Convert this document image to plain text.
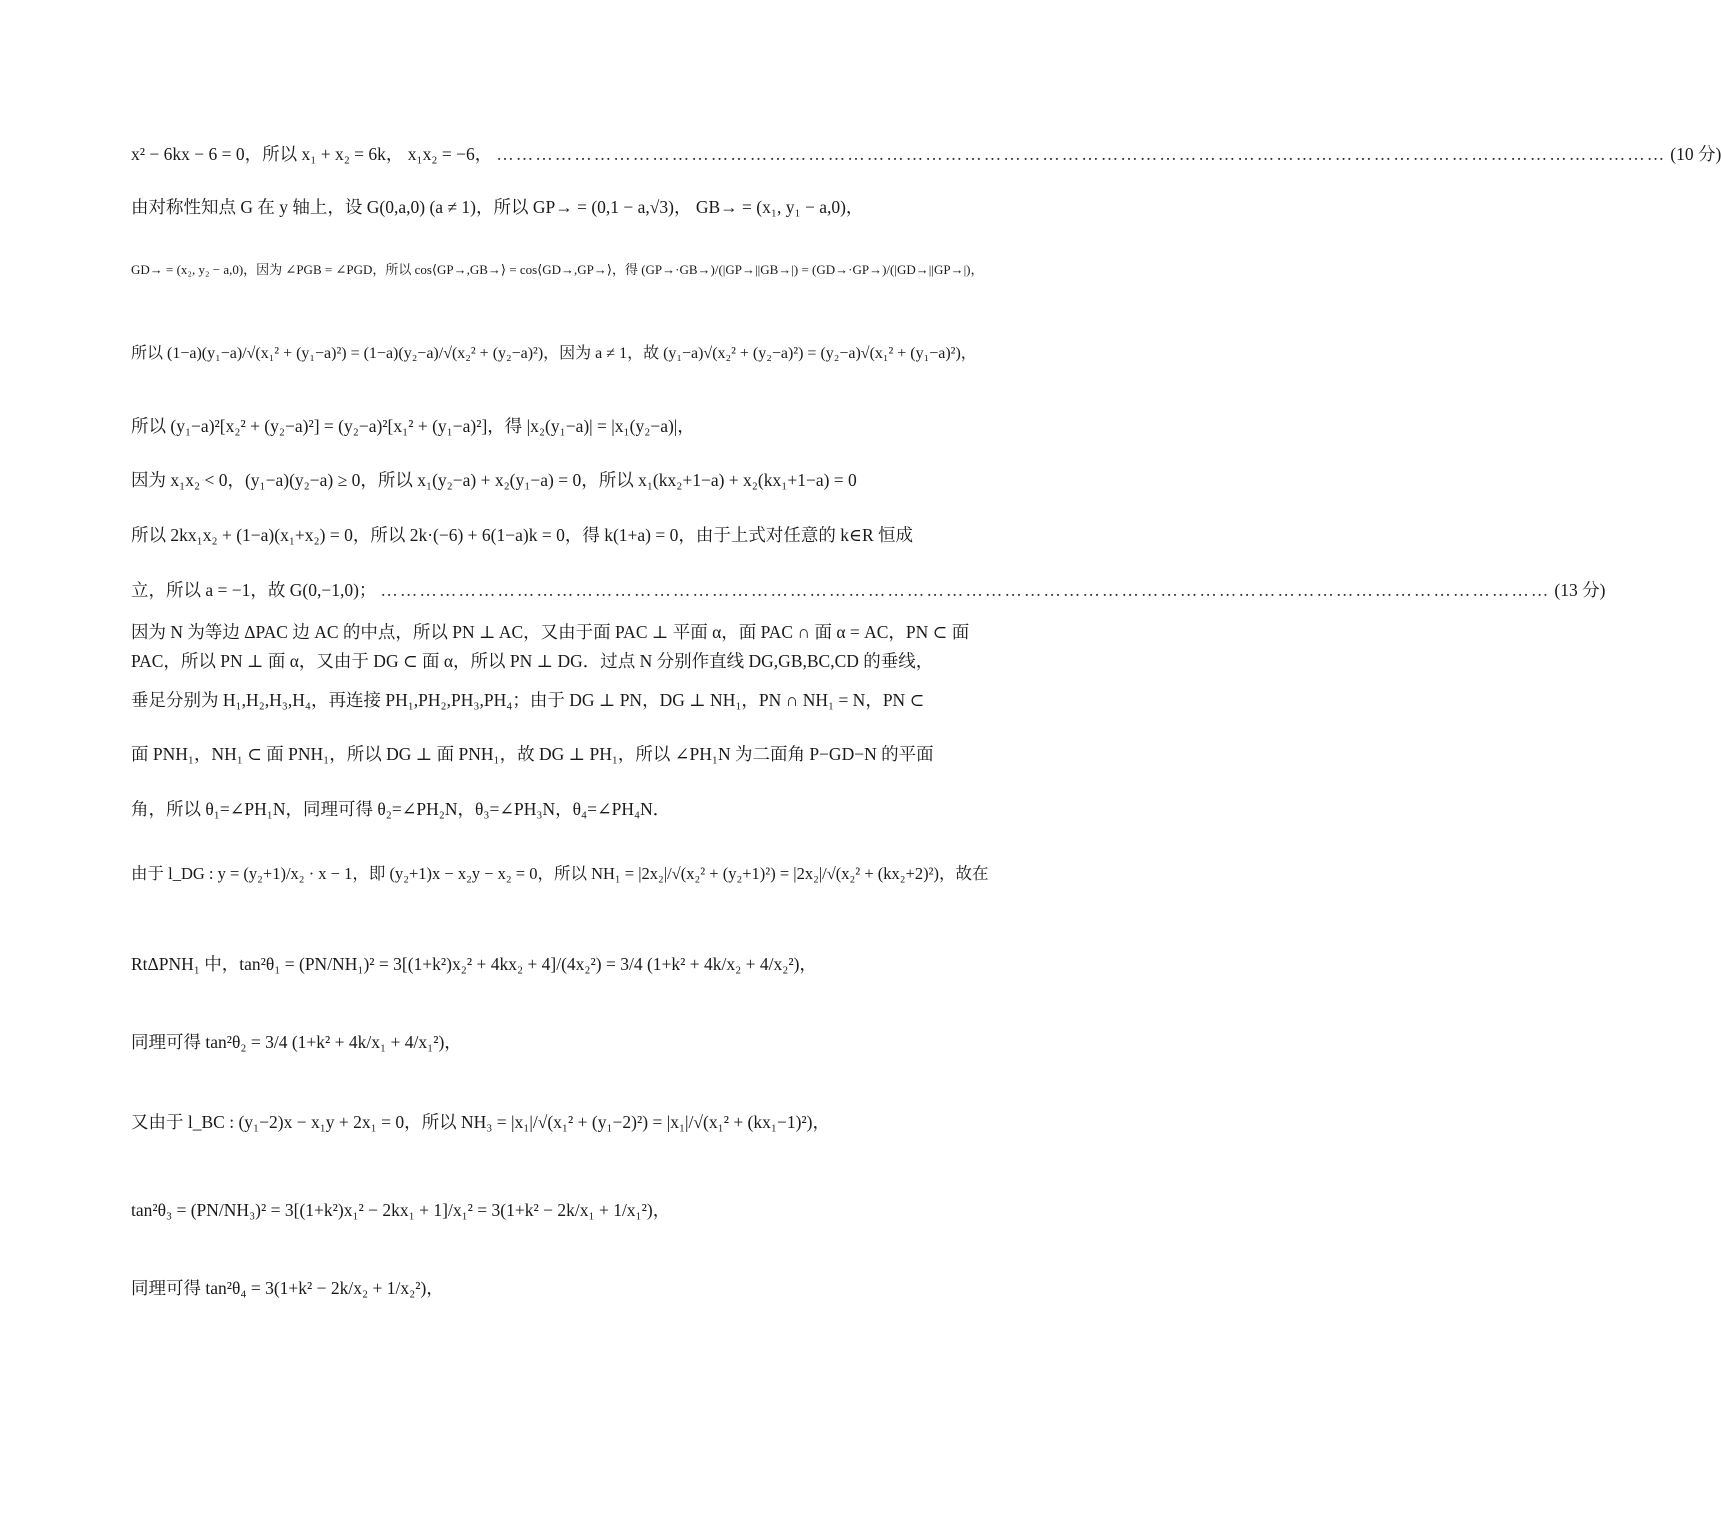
x² − 6kx − 6 = 0，所以 x₁ + x₂ = 6k， x₁x₂ = −6， ……………………………………………………………………………………………………………………………………………………………… (10 分)
由对称性知点 G 在 y 轴上，设 G(0,a,0) (a ≠ 1)，所以 GP→ = (0,1 − a,√3)， GB→ = (x₁, y₁ − a,0)，
GD→ = (x₂, y₂ − a,0)，因为 ∠PGB = ∠PGD，所以 cos⟨GP→,GB→⟩ = cos⟨GD→,GP→⟩，得 (GP→·GB→)/(|GP→||GB→|) = (GD→·GP→)/(|GD→||GP→|)，
所以 (1−a)(y₁−a)/√(x₁² + (y₁−a)²) = (1−a)(y₂−a)/√(x₂² + (y₂−a)²)，因为 a ≠ 1，故 (y₁−a)√(x₂² + (y₂−a)²) = (y₂−a)√(x₁² + (y₁−a)²)，
所以 (y₁−a)²[x₂² + (y₂−a)²] = (y₂−a)²[x₁² + (y₁−a)²]，得 |x₂(y₁−a)| = |x₁(y₂−a)|，
因为 x₁x₂ < 0，(y₁−a)(y₂−a) ≥ 0，所以 x₁(y₂−a) + x₂(y₁−a) = 0，所以 x₁(kx₂+1−a) + x₂(kx₁+1−a) = 0
所以 2kx₁x₂ + (1−a)(x₁+x₂) = 0，所以 2k·(−6) + 6(1−a)k = 0，得 k(1+a) = 0，由于上式对任意的 k∈R 恒成
立，所以 a = −1，故 G(0,−1,0)； ……………………………………………………………………………………………………………………………………………………………… (13 分)
因为 N 为等边 ΔPAC 边 AC 的中点，所以 PN ⊥ AC，又由于面 PAC ⊥ 平面 α，面 PAC ∩ 面 α = AC，PN ⊂ 面 PAC，所以 PN ⊥ 面 α，又由于 DG ⊂ 面 α，所以 PN ⊥ DG．过点 N 分别作直线 DG,GB,BC,CD 的垂线，
垂足分别为 H₁,H₂,H₃,H₄，再连接 PH₁,PH₂,PH₃,PH₄；由于 DG ⊥ PN，DG ⊥ NH₁，PN ∩ NH₁ = N，PN ⊂
面 PNH₁，NH₁ ⊂ 面 PNH₁，所以 DG ⊥ 面 PNH₁，故 DG ⊥ PH₁，所以 ∠PH₁N 为二面角 P−GD−N 的平面
角，所以 θ₁=∠PH₁N，同理可得 θ₂=∠PH₂N，θ₃=∠PH₃N，θ₄=∠PH₄N．
由于 l_DG : y = (y₂+1)/x₂ · x − 1，即 (y₂+1)x − x₂y − x₂ = 0，所以 NH₁ = |2x₂|/√(x₂² + (y₂+1)²) = |2x₂|/√(x₂² + (kx₂+2)²)，故在
RtΔPNH₁ 中，tan²θ₁ = (PN/NH₁)² = 3[(1+k²)x₂² + 4kx₂ + 4]/(4x₂²) = 3/4 (1+k² + 4k/x₂ + 4/x₂²)，
同理可得 tan²θ₂ = 3/4 (1+k² + 4k/x₁ + 4/x₁²)，
又由于 l_BC : (y₁−2)x − x₁y + 2x₁ = 0，所以 NH₃ = |x₁|/√(x₁² + (y₁−2)²) = |x₁|/√(x₁² + (kx₁−1)²)，
tan²θ₃ = (PN/NH₃)² = 3[(1+k²)x₁² − 2kx₁ + 1]/x₁² = 3(1+k² − 2k/x₁ + 1/x₁²)，
同理可得 tan²θ₄ = 3(1+k² − 2k/x₂ + 1/x₂²)，
